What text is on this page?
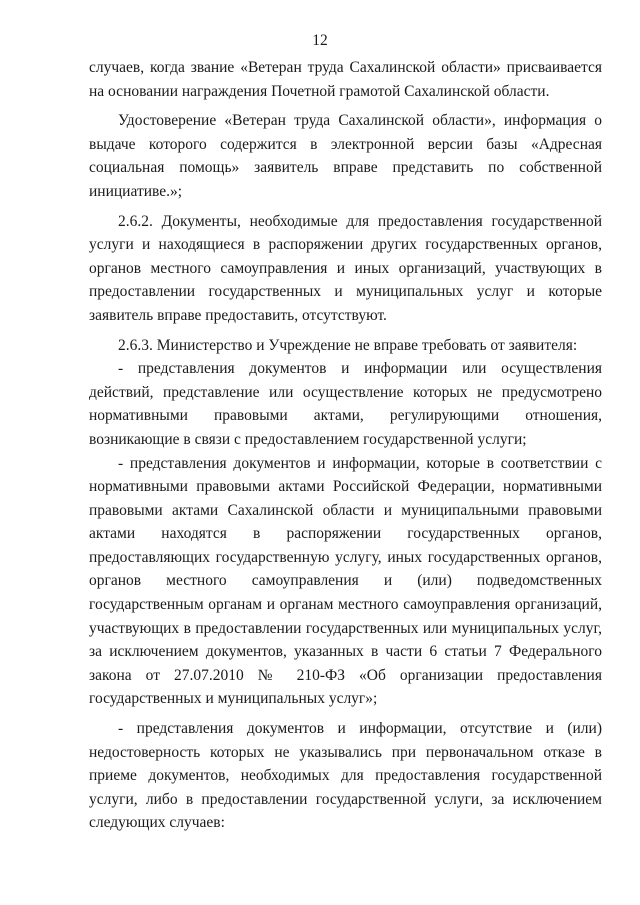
12

случаев, когда звание «Ветеран труда Сахалинской области» присваивается на основании награждения Почетной грамотой Сахалинской области.

Удостоверение «Ветеран труда Сахалинской области», информация о выдаче которого содержится в электронной версии базы «Адресная социальная помощь» заявитель вправе представить по собственной инициативе.»;

2.6.2. Документы, необходимые для предоставления государственной услуги и находящиеся в распоряжении других государственных органов, органов местного самоуправления и иных организаций, участвующих в предоставлении государственных и муниципальных услуг и которые заявитель вправе предоставить, отсутствуют.

2.6.3. Министерство и Учреждение не вправе требовать от заявителя:

- представления документов и информации или осуществления действий, представление или осуществление которых не предусмотрено нормативными правовыми актами, регулирующими отношения, возникающие в связи с предоставлением государственной услуги;

- представления документов и информации, которые в соответствии с нормативными правовыми актами Российской Федерации, нормативными правовыми актами Сахалинской области и муниципальными правовыми актами находятся в распоряжении государственных органов, предоставляющих государственную услугу, иных государственных органов, органов местного самоуправления и (или) подведомственных государственным органам и органам местного самоуправления организаций, участвующих в предоставлении государственных или муниципальных услуг, за исключением документов, указанных в части 6 статьи 7 Федерального закона от 27.07.2010 № 210-ФЗ «Об организации предоставления государственных и муниципальных услуг»;

- представления документов и информации, отсутствие и (или) недостоверность которых не указывались при первоначальном отказе в приеме документов, необходимых для предоставления государственной услуги, либо в предоставлении государственной услуги, за исключением следующих случаев:
